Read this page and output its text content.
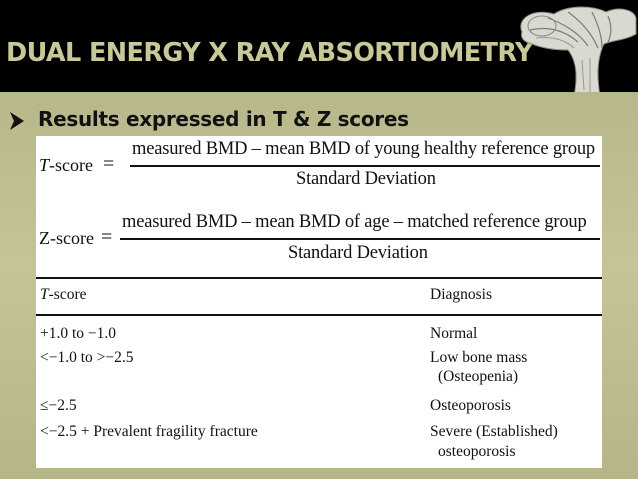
DUAL ENERGY X RAY ABSORTIOMETRY
Results expressed in T & Z scores
T-score =
measured BMD – mean BMD of young healthy reference group
Standard Deviation
Z-score =
measured BMD – mean BMD of age – matched reference group
Standard Deviation
T-score	Diagnosis
+1.0 to −1.0	Normal
<−1.0 to >−2.5	Low bone mass
(Osteopenia)
≤−2.5	Osteoporosis
<−2.5 + Prevalent fragility fracture	Severe (Established)
osteoporosis
